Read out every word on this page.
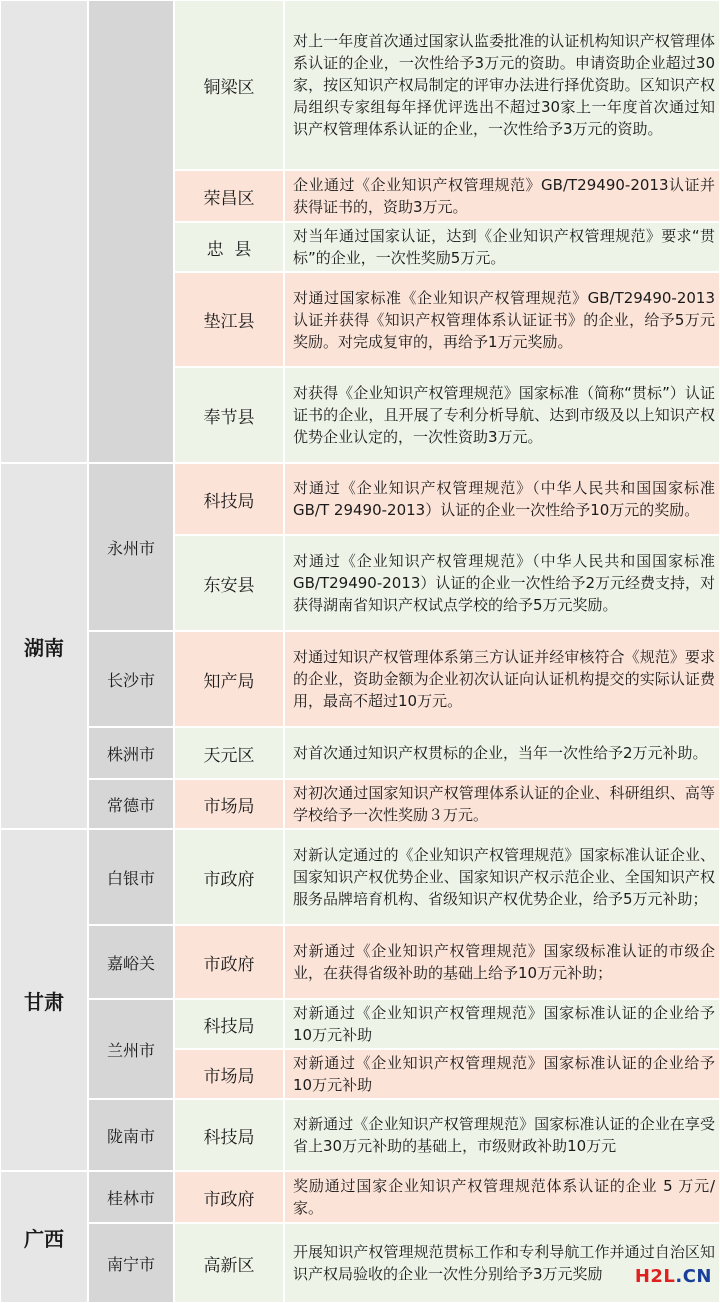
		铜梁区	对上一年度首次通过国家认监委批准的认证机构知识产权管理体系认证的企业，一次性给予3万元的资助。申请资助企业超过30家，按区知识产权局制定的评审办法进行择优资助。区知识产权局组织专家组每年择优评选出不超过30家上一年度首次通过知识产权管理体系认证的企业，一次性给予3万元的资助。
		荣昌区	企业通过《企业知识产权管理规范》GB/T29490-2013认证并获得证书的，资助3万元。
		忠  县	对当年通过国家认证，达到《企业知识产权管理规范》要求“贯标”的企业，一次性奖励5万元。
		垫江县	对通过国家标准《企业知识产权管理规范》GB/T29490-2013认证并获得《知识产权管理体系认证证书》的企业，给予5万元奖励。对完成复审的，再给予1万元奖励。
		奉节县	对获得《企业知识产权管理规范》国家标准（简称“贯标”）认证证书的企业，且开展了专利分析导航、达到市级及以上知识产权优势企业认定的，一次性资助3万元。
湖南	永州市	科技局	对通过《企业知识产权管理规范》（中华人民共和国国家标准GB/T 29490-2013）认证的企业一次性给予10万元的奖励。
		东安县	对通过《企业知识产权管理规范》（中华人民共和国国家标准GB/T29490-2013）认证的企业一次性给予2万元经费支持，对获得湖南省知识产权试点学校的给予5万元奖励。
	长沙市	知产局	对通过知识产权管理体系第三方认证并经审核符合《规范》要求的企业，资助金额为企业初次认证向认证机构提交的实际认证费用，最高不超过10万元。
	株洲市	天元区	对首次通过知识产权贯标的企业，当年一次性给予2万元补助。
	常德市	市场局	对初次通过国家知识产权管理体系认证的企业、科研组织、高等学校给予一次性奖励３万元。

甘肃	白银市	市政府	对新认定通过的《企业知识产权管理规范》国家标准认证企业、国家知识产权优势企业、国家知识产权示范企业、全国知识产权服务品牌培育机构、省级知识产权优势企业，给予5万元补助；
	嘉峪关	市政府	对新通过《企业知识产权管理规范》国家级标准认证的市级企业，在获得省级补助的基础上给予10万元补助；
	兰州市	科技局	对新通过《企业知识产权管理规范》国家标准认证的企业给予10万元补助
		市场局	对新通过《企业知识产权管理规范》国家标准认证的企业给予10万元补助
	陇南市	科技局	对新通过《企业知识产权管理规范》国家标准认证的企业在享受省上30万元补助的基础上，市级财政补助10万元
广西	桂林市	市政府	奖励通过国家企业知识产权管理规范体系认证的企业 5 万元/家。
	南宁市	高新区	开展知识产权管理规范贯标工作和专利导航工作并通过自治区知识产权局验收的企业一次性分别给予3万元奖励 H2L.CN
